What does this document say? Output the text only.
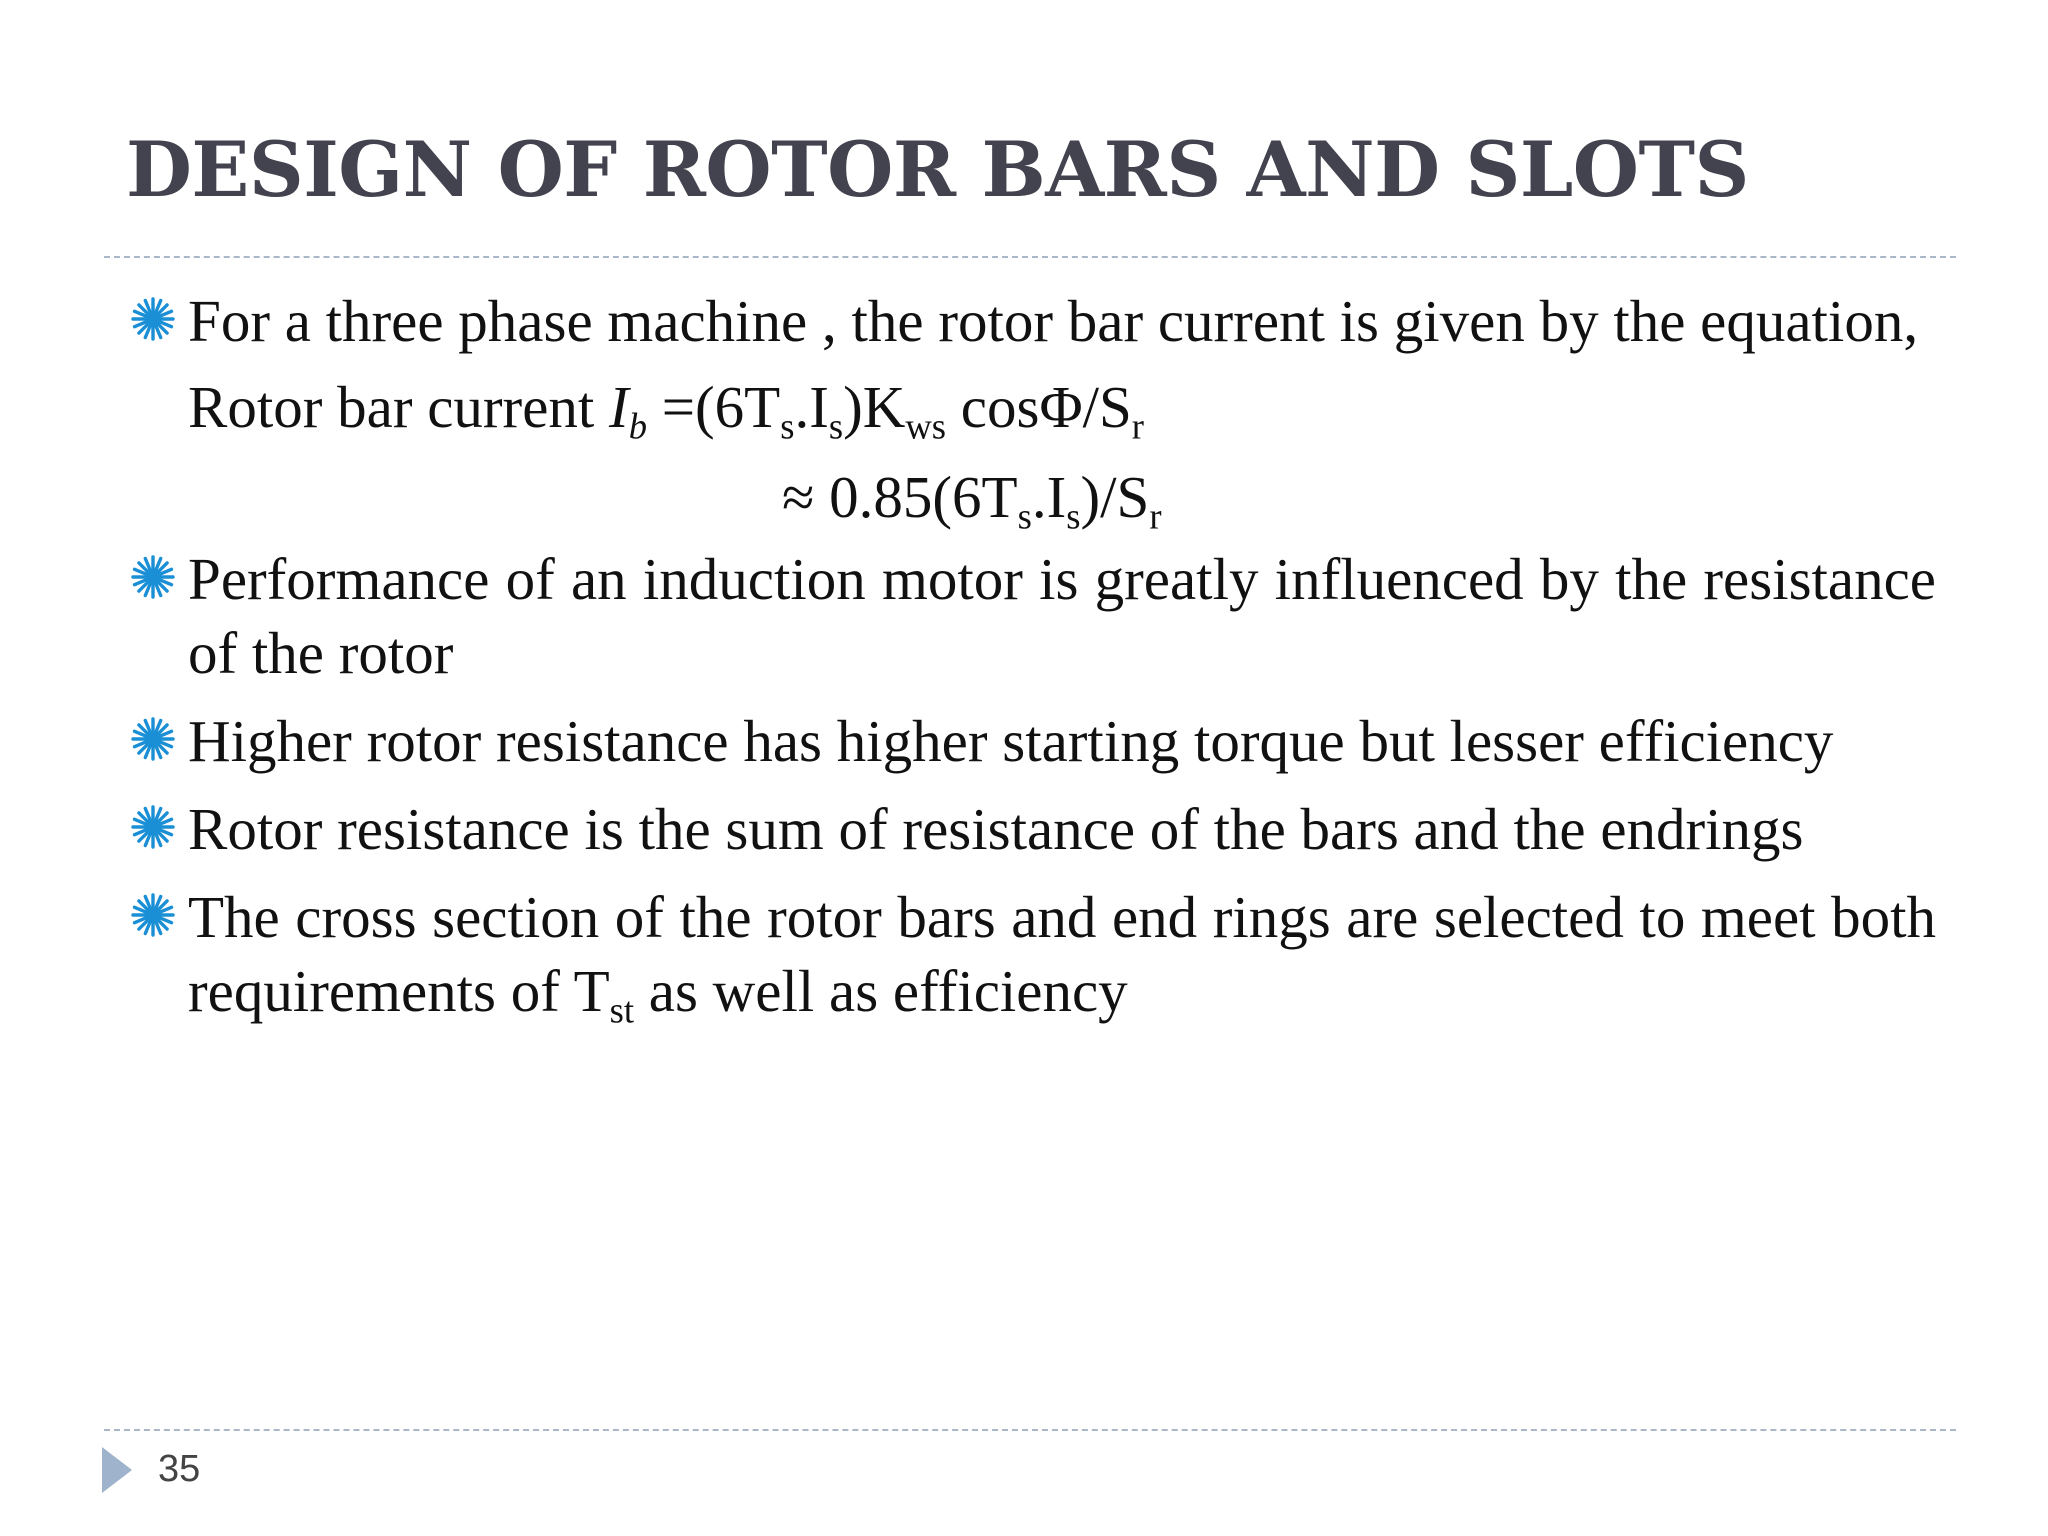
DESIGN OF ROTOR BARS AND SLOTS
For a three phase machine , the rotor bar current is given by the equation,
Rotor bar current $I_b =(6T_s.I_s)K_{ws}$ cosΦ/$S_r$
≈ $0.85(6T_s.I_s)/S_r$
Performance of an induction motor is greatly influenced by the resistance of the rotor
Higher rotor resistance has higher starting torque but lesser efficiency
Rotor resistance is the sum of resistance of the bars and the endrings
The cross section of the rotor bars and end rings are selected to meet both requirements of $T_{st}$ as well as efficiency
35
